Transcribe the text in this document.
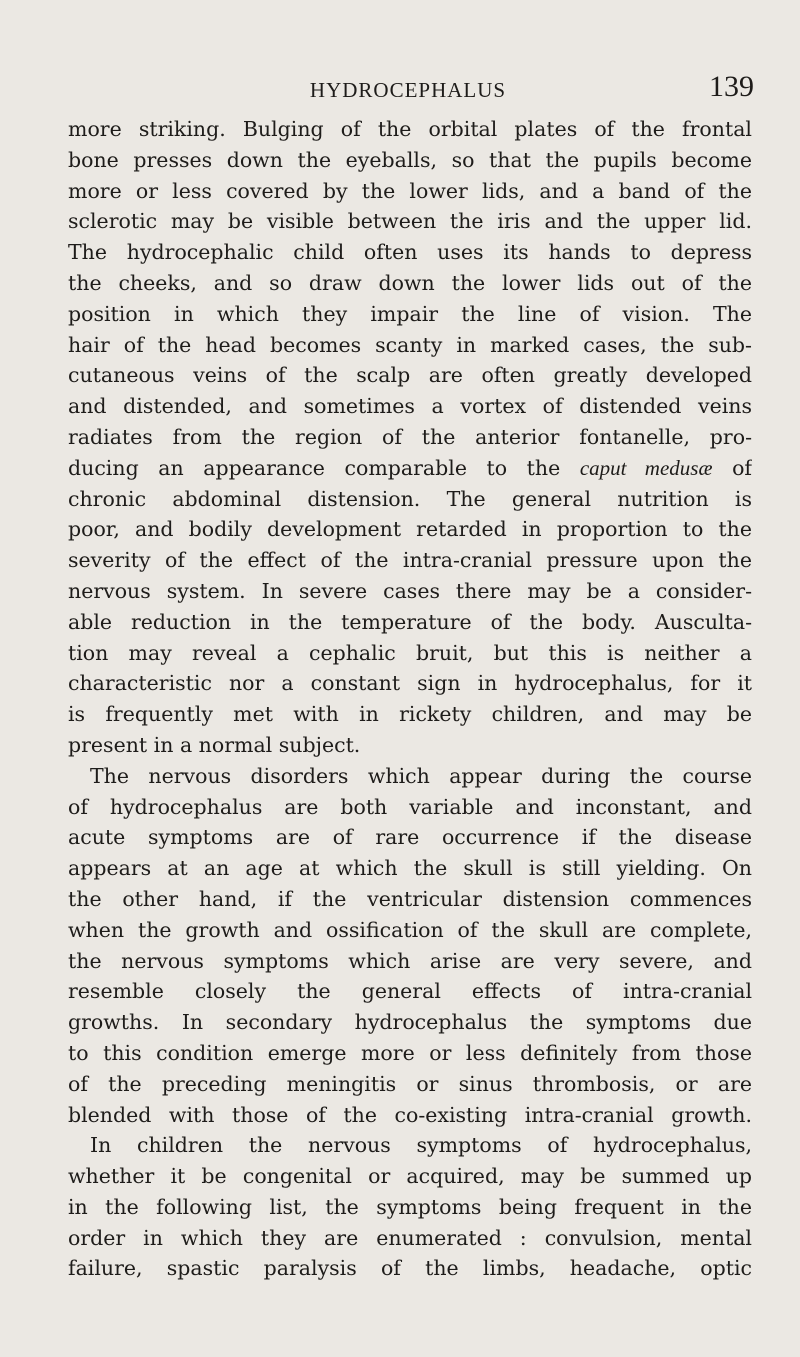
HYDROCEPHALUS	139
more striking. Bulging of the orbital plates of the frontal
bone presses down the eyeballs, so that the pupils become
more or less covered by the lower lids, and a band of the
sclerotic may be visible between the iris and the upper lid.
The hydrocephalic child often uses its hands to depress
the cheeks, and so draw down the lower lids out of the
position in which they impair the line of vision. The
hair of the head becomes scanty in marked cases, the sub-
cutaneous veins of the scalp are often greatly developed
and distended, and sometimes a vortex of distended veins
radiates from the region of the anterior fontanelle, pro-
ducing an appearance comparable to the caput medusæ of
chronic abdominal distension. The general nutrition is
poor, and bodily development retarded in proportion to the
severity of the effect of the intra-cranial pressure upon the
nervous system. In severe cases there may be a consider-
able reduction in the temperature of the body. Ausculta-
tion may reveal a cephalic bruit, but this is neither a
characteristic nor a constant sign in hydrocephalus, for it
is frequently met with in rickety children, and may be
present in a normal subject.
The nervous disorders which appear during the course
of hydrocephalus are both variable and inconstant, and
acute symptoms are of rare occurrence if the disease
appears at an age at which the skull is still yielding. On
the other hand, if the ventricular distension commences
when the growth and ossification of the skull are complete,
the nervous symptoms which arise are very severe, and
resemble closely the general effects of intra-cranial
growths. In secondary hydrocephalus the symptoms due
to this condition emerge more or less definitely from those
of the preceding meningitis or sinus thrombosis, or are
blended with those of the co-existing intra-cranial growth.
In children the nervous symptoms of hydrocephalus,
whether it be congenital or acquired, may be summed up
in the following list, the symptoms being frequent in the
order in which they are enumerated : convulsion, mental
failure, spastic paralysis of the limbs, headache, optic
